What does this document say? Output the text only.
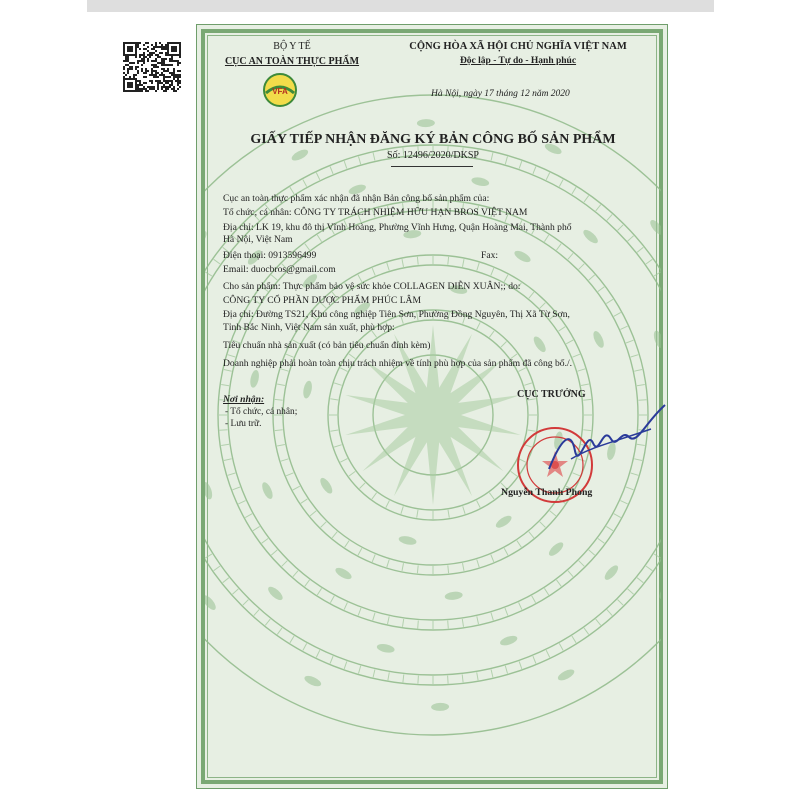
BỘ Y TẾ
CỤC AN TOÀN THỰC PHẨM
VFA
CỘNG HÒA XÃ HỘI CHỦ NGHĨA VIỆT NAM
Độc lập - Tự do - Hạnh phúc
Hà Nội, ngày 17 tháng 12 năm 2020
GIẤY TIẾP NHẬN ĐĂNG KÝ BẢN CÔNG BỐ SẢN PHẨM
Số: 12496/2020/DKSP
Cục an toàn thực phẩm xác nhận đã nhận Bản công bố sản phẩm của:
Tổ chức, cá nhân: CÔNG TY TRÁCH NHIỆM HỮU HẠN BROS VIỆT NAM
Địa chỉ: LK 19, khu đô thị Vĩnh Hoàng, Phường Vĩnh Hưng, Quận Hoàng Mai, Thành phố
Hà Nội, Việt Nam
Điện thoại: 0913596499	Fax:
Email: duocbros@gmail.com
Cho sản phẩm: Thực phẩm bảo vệ sức khỏe COLLAGEN DIỄN XUÂN;; do:
CÔNG TY CỔ PHẦN DƯỢC PHẨM PHÚC LÂM
Địa chỉ: Đường TS21, Khu công nghiệp Tiên Sơn, Phường Đồng Nguyên, Thị Xã Từ Sơn,
Tỉnh Bắc Ninh, Việt Nam sản xuất, phù hợp:
Tiêu chuẩn nhà sản xuất (có bản tiêu chuẩn đính kèm)
Doanh nghiệp phải hoàn toàn chịu trách nhiệm về tính phù hợp của sản phẩm đã công bố./.
Nơi nhận:
- Tổ chức, cá nhân;
- Lưu trữ.
CỤC TRƯỞNG
Nguyễn Thanh Phong
